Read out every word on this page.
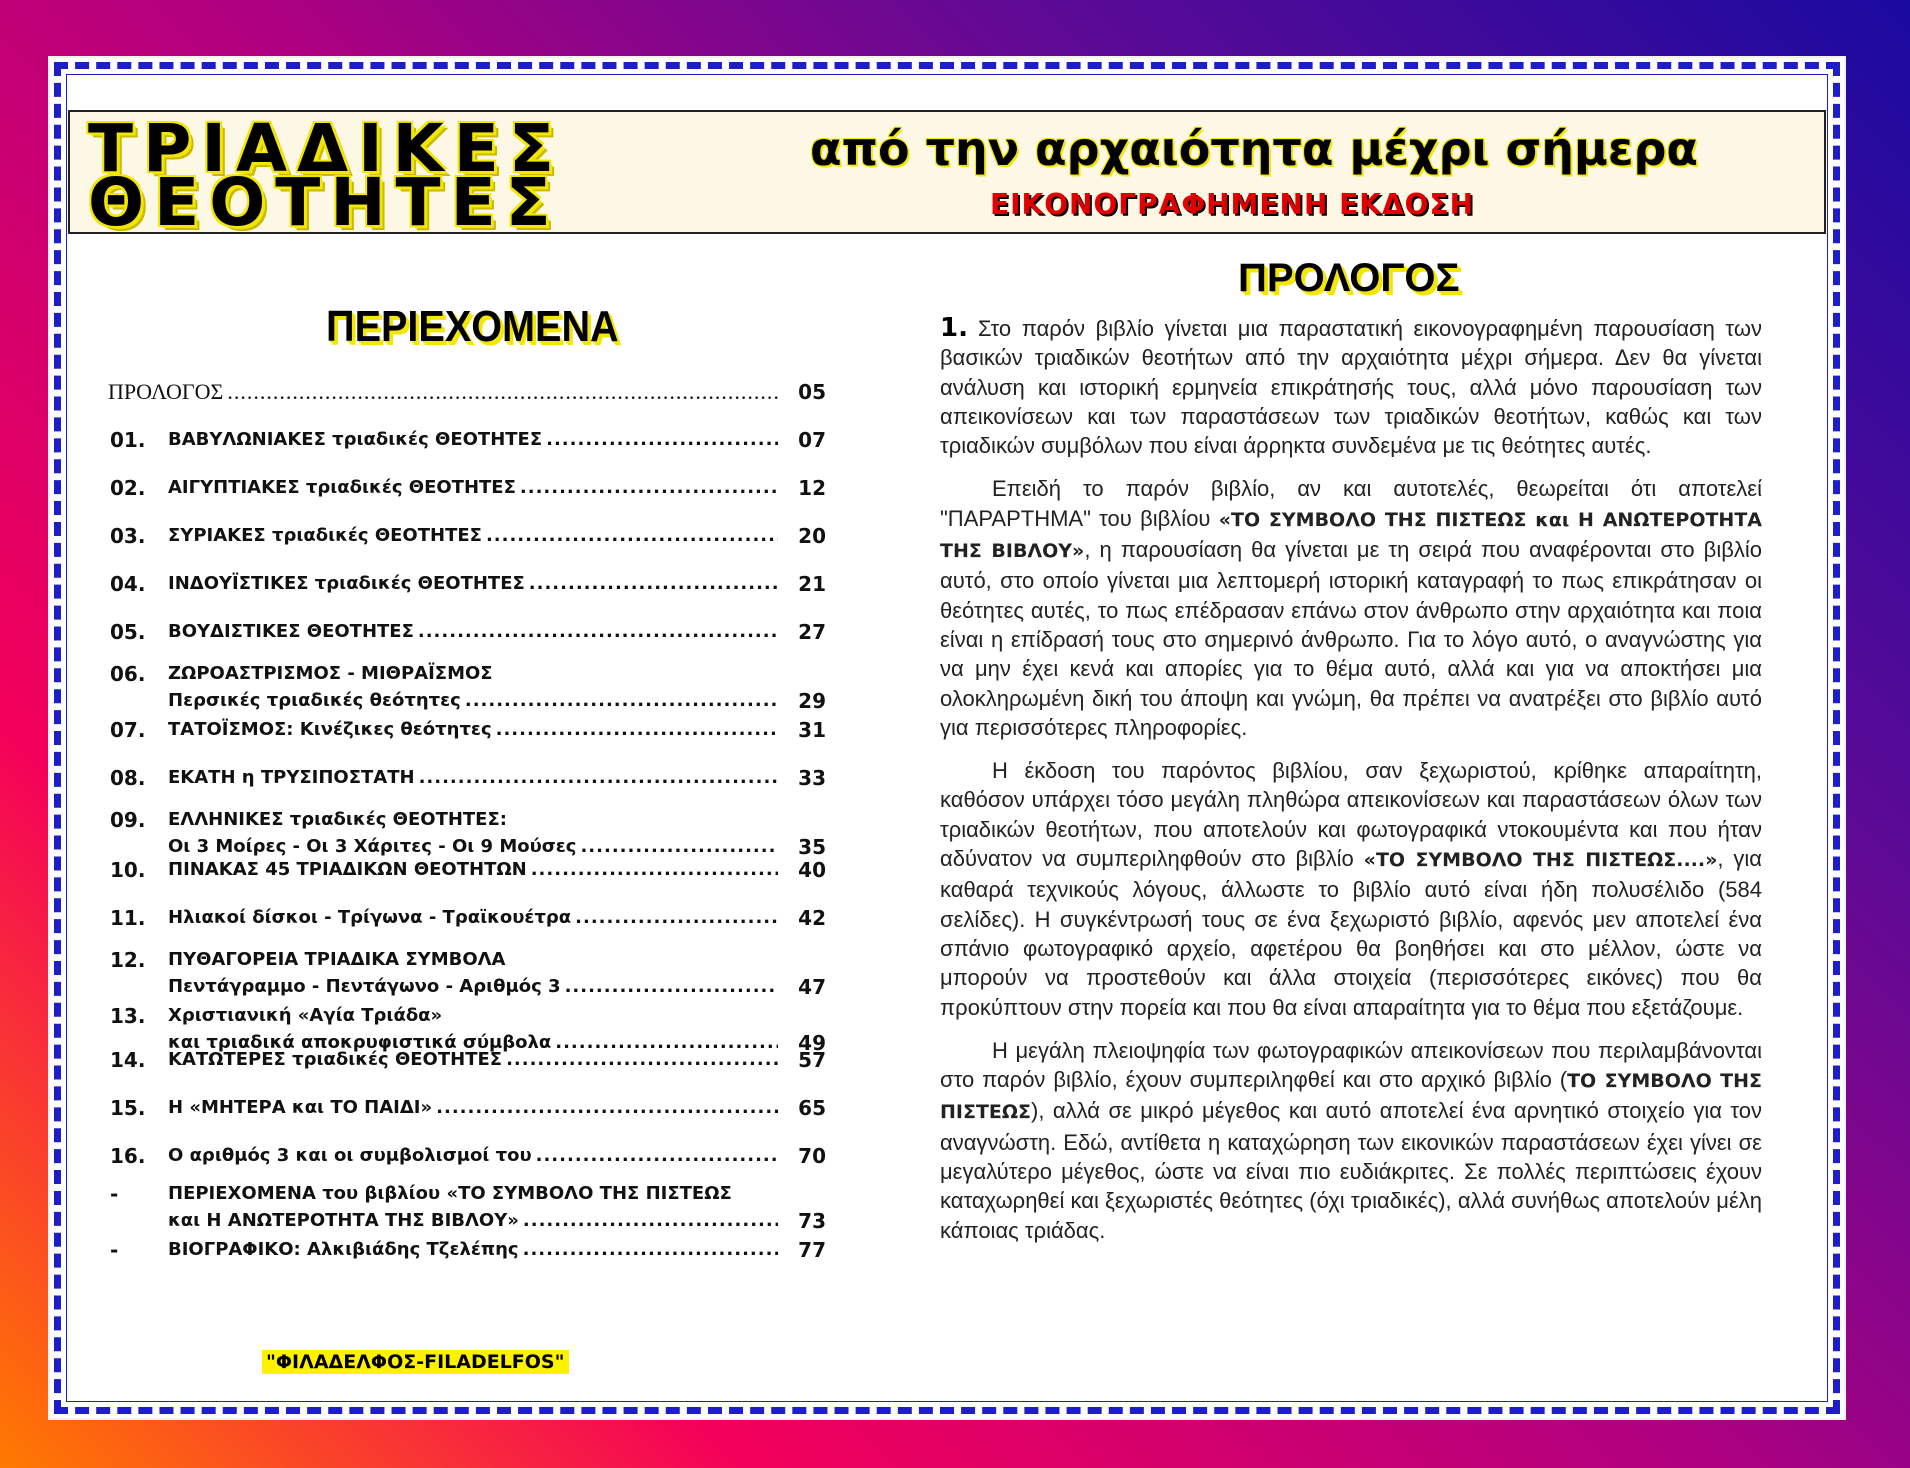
ΤΡΙΑΔΙΚΕΣ
ΘΕΟΤΗΤΕΣ
από την αρχαιότητα μέχρι σήμερα
ΕΙΚΟΝΟΓΡΑΦΗΜΕΝΗ ΕΚΔΟΣΗ
ΠΕΡΙΕΧΟΜΕΝΑ
ΠΡΟΛΟΓΟΣ .....	05
01. ΒΑΒΥΛΩΝΙΑΚΕΣ τριαδικές ΘΕΟΤΗΤΕΣ .....	07
02. ΑΙΓΥΠΤΙΑΚΕΣ τριαδικές ΘΕΟΤΗΤΕΣ .....	12
03. ΣΥΡΙΑΚΕΣ τριαδικές ΘΕΟΤΗΤΕΣ .....	20
04. ΙΝΔΟΥΪΣΤΙΚΕΣ τριαδικές ΘΕΟΤΗΤΕΣ .....	21
05. ΒΟΥΔΙΣΤΙΚΕΣ ΘΕΟΤΗΤΕΣ .....	27
06. ΖΩΡΟΑΣΤΡΙΣΜΟΣ - ΜΙΘΡΑΪΣΜΟΣ
Περσικές τριαδικές θεότητες .....	29
07. ΤΑΤΟΪΣΜΟΣ: Κινέζικες θεότητες .....	31
08. ΕΚΑΤΗ η ΤΡΥΣΙΠΟΣΤΑΤΗ .....	33
09. ΕΛΛΗΝΙΚΕΣ τριαδικές ΘΕΟΤΗΤΕΣ:
Οι 3 Μοίρες - Οι 3 Χάριτες - Οι 9 Μούσες .....	35
10. ΠΙΝΑΚΑΣ 45 ΤΡΙΑΔΙΚΩΝ ΘΕΟΤΗΤΩΝ .....	40
11. Ηλιακοί δίσκοι - Τρίγωνα - Τραϊκουέτρα .....	42
12. ΠΥΘΑΓΟΡΕΙΑ ΤΡΙΑΔΙΚΑ ΣΥΜΒΟΛΑ
Πεντάγραμμο - Πεντάγωνο - Αριθμός 3 .....	47
13. Χριστιανική «Αγία Τριάδα»
και τριαδικά αποκρυφιστικά σύμβολα .....	49
14. ΚΑΤΩΤΕΡΕΣ τριαδικές ΘΕΟΤΗΤΕΣ .....	57
15. Η «ΜΗΤΕΡΑ και ΤΟ ΠΑΙΔΙ» .....	65
16. Ο αριθμός 3 και οι συμβολισμοί του .....	70
-	ΠΕΡΙΕΧΟΜΕΝΑ του βιβλίου «ΤΟ ΣΥΜΒΟΛΟ ΤΗΣ ΠΙΣΤΕΩΣ
και Η ΑΝΩΤΕΡΟΤΗΤΑ ΤΗΣ ΒΙΒΛΟΥ» .....	73
-	ΒΙΟΓΡΑΦΙΚΟ: Αλκιβιάδης Τζελέπης .....	77
"ΦΙΛΑΔΕΛΦΟΣ-FILADELFOS"
ΠΡΟΛΟΓΟΣ

1. Στο παρόν βιβλίο γίνεται μια παραστατική εικονογραφημένη παρουσίαση των βασικών τριαδικών θεοτήτων από την αρχαιότητα μέχρι σήμερα. Δεν θα γίνεται ανάλυση και ιστορική ερμηνεία επικράτησής τους, αλλά μόνο παρουσίαση των απεικονίσεων και των παραστάσεων των τριαδικών θεοτήτων, καθώς και των τριαδικών συμβόλων που είναι άρρηκτα συνδεμένα με τις θεότητες αυτές.

Επειδή το παρόν βιβλίο, αν και αυτοτελές, θεωρείται ότι αποτελεί "ΠΑΡΑΡΤΗΜΑ" του βιβλίου «ΤΟ ΣΥΜΒΟΛΟ ΤΗΣ ΠΙΣΤΕΩΣ και Η ΑΝΩΤΕΡΟΤΗΤΑ ΤΗΣ ΒΙΒΛΟΥ», η παρουσίαση θα γίνεται με τη σειρά που αναφέρονται στο βιβλίο αυτό, στο οποίο γίνεται μια λεπτομερή ιστορική καταγραφή το πως επικράτησαν οι θεότητες αυτές, το πως επέδρασαν επάνω στον άνθρωπο στην αρχαιότητα και ποια είναι η επίδρασή τους στο σημερινό άνθρωπο. Για το λόγο αυτό, ο αναγνώστης για να μην έχει κενά και απορίες για το θέμα αυτό, αλλά και για να αποκτήσει μια ολοκληρωμένη δική του άποψη και γνώμη, θα πρέπει να ανατρέξει στο βιβλίο αυτό για περισσότερες πληροφορίες.

Η έκδοση του παρόντος βιβλίου, σαν ξεχωριστού, κρίθηκε απαραίτητη, καθόσον υπάρχει τόσο μεγάλη πληθώρα απεικονίσεων και παραστάσεων όλων των τριαδικών θεοτήτων, που αποτελούν και φωτογραφικά ντοκουμέντα και που ήταν αδύνατον να συμπεριληφθούν στο βιβλίο «ΤΟ ΣΥΜΒΟΛΟ ΤΗΣ ΠΙΣΤΕΩΣ....», για καθαρά τεχνικούς λόγους, άλλωστε το βιβλίο αυτό είναι ήδη πολυσέλιδο (584 σελίδες). Η συγκέντρωσή τους σε ένα ξεχωριστό βιβλίο, αφενός μεν αποτελεί ένα σπάνιο φωτογραφικό αρχείο, αφετέρου θα βοηθήσει και στο μέλλον, ώστε να μπορούν να προστεθούν και άλλα στοιχεία (περισσότερες εικόνες) που θα προκύπτουν στην πορεία και που θα είναι απαραίτητα για το θέμα που εξετάζουμε.

Η μεγάλη πλειοψηφία των φωτογραφικών απεικονίσεων που περιλαμβάνονται στο παρόν βιβλίο, έχουν συμπεριληφθεί και στο αρχικό βιβλίο (ΤΟ ΣΥΜΒΟΛΟ ΤΗΣ ΠΙΣΤΕΩΣ), αλλά σε μικρό μέγεθος και αυτό αποτελεί ένα αρνητικό στοιχείο για τον αναγνώστη. Εδώ, αντίθετα η καταχώρηση των εικονικών παραστάσεων έχει γίνει σε μεγαλύτερο μέγεθος, ώστε να είναι πιο ευδιάκριτες. Σε πολλές περιπτώσεις έχουν καταχωρηθεί και ξεχωριστές θεότητες (όχι τριαδικές), αλλά συνήθως αποτελούν μέλη κάποιας τριάδας.
